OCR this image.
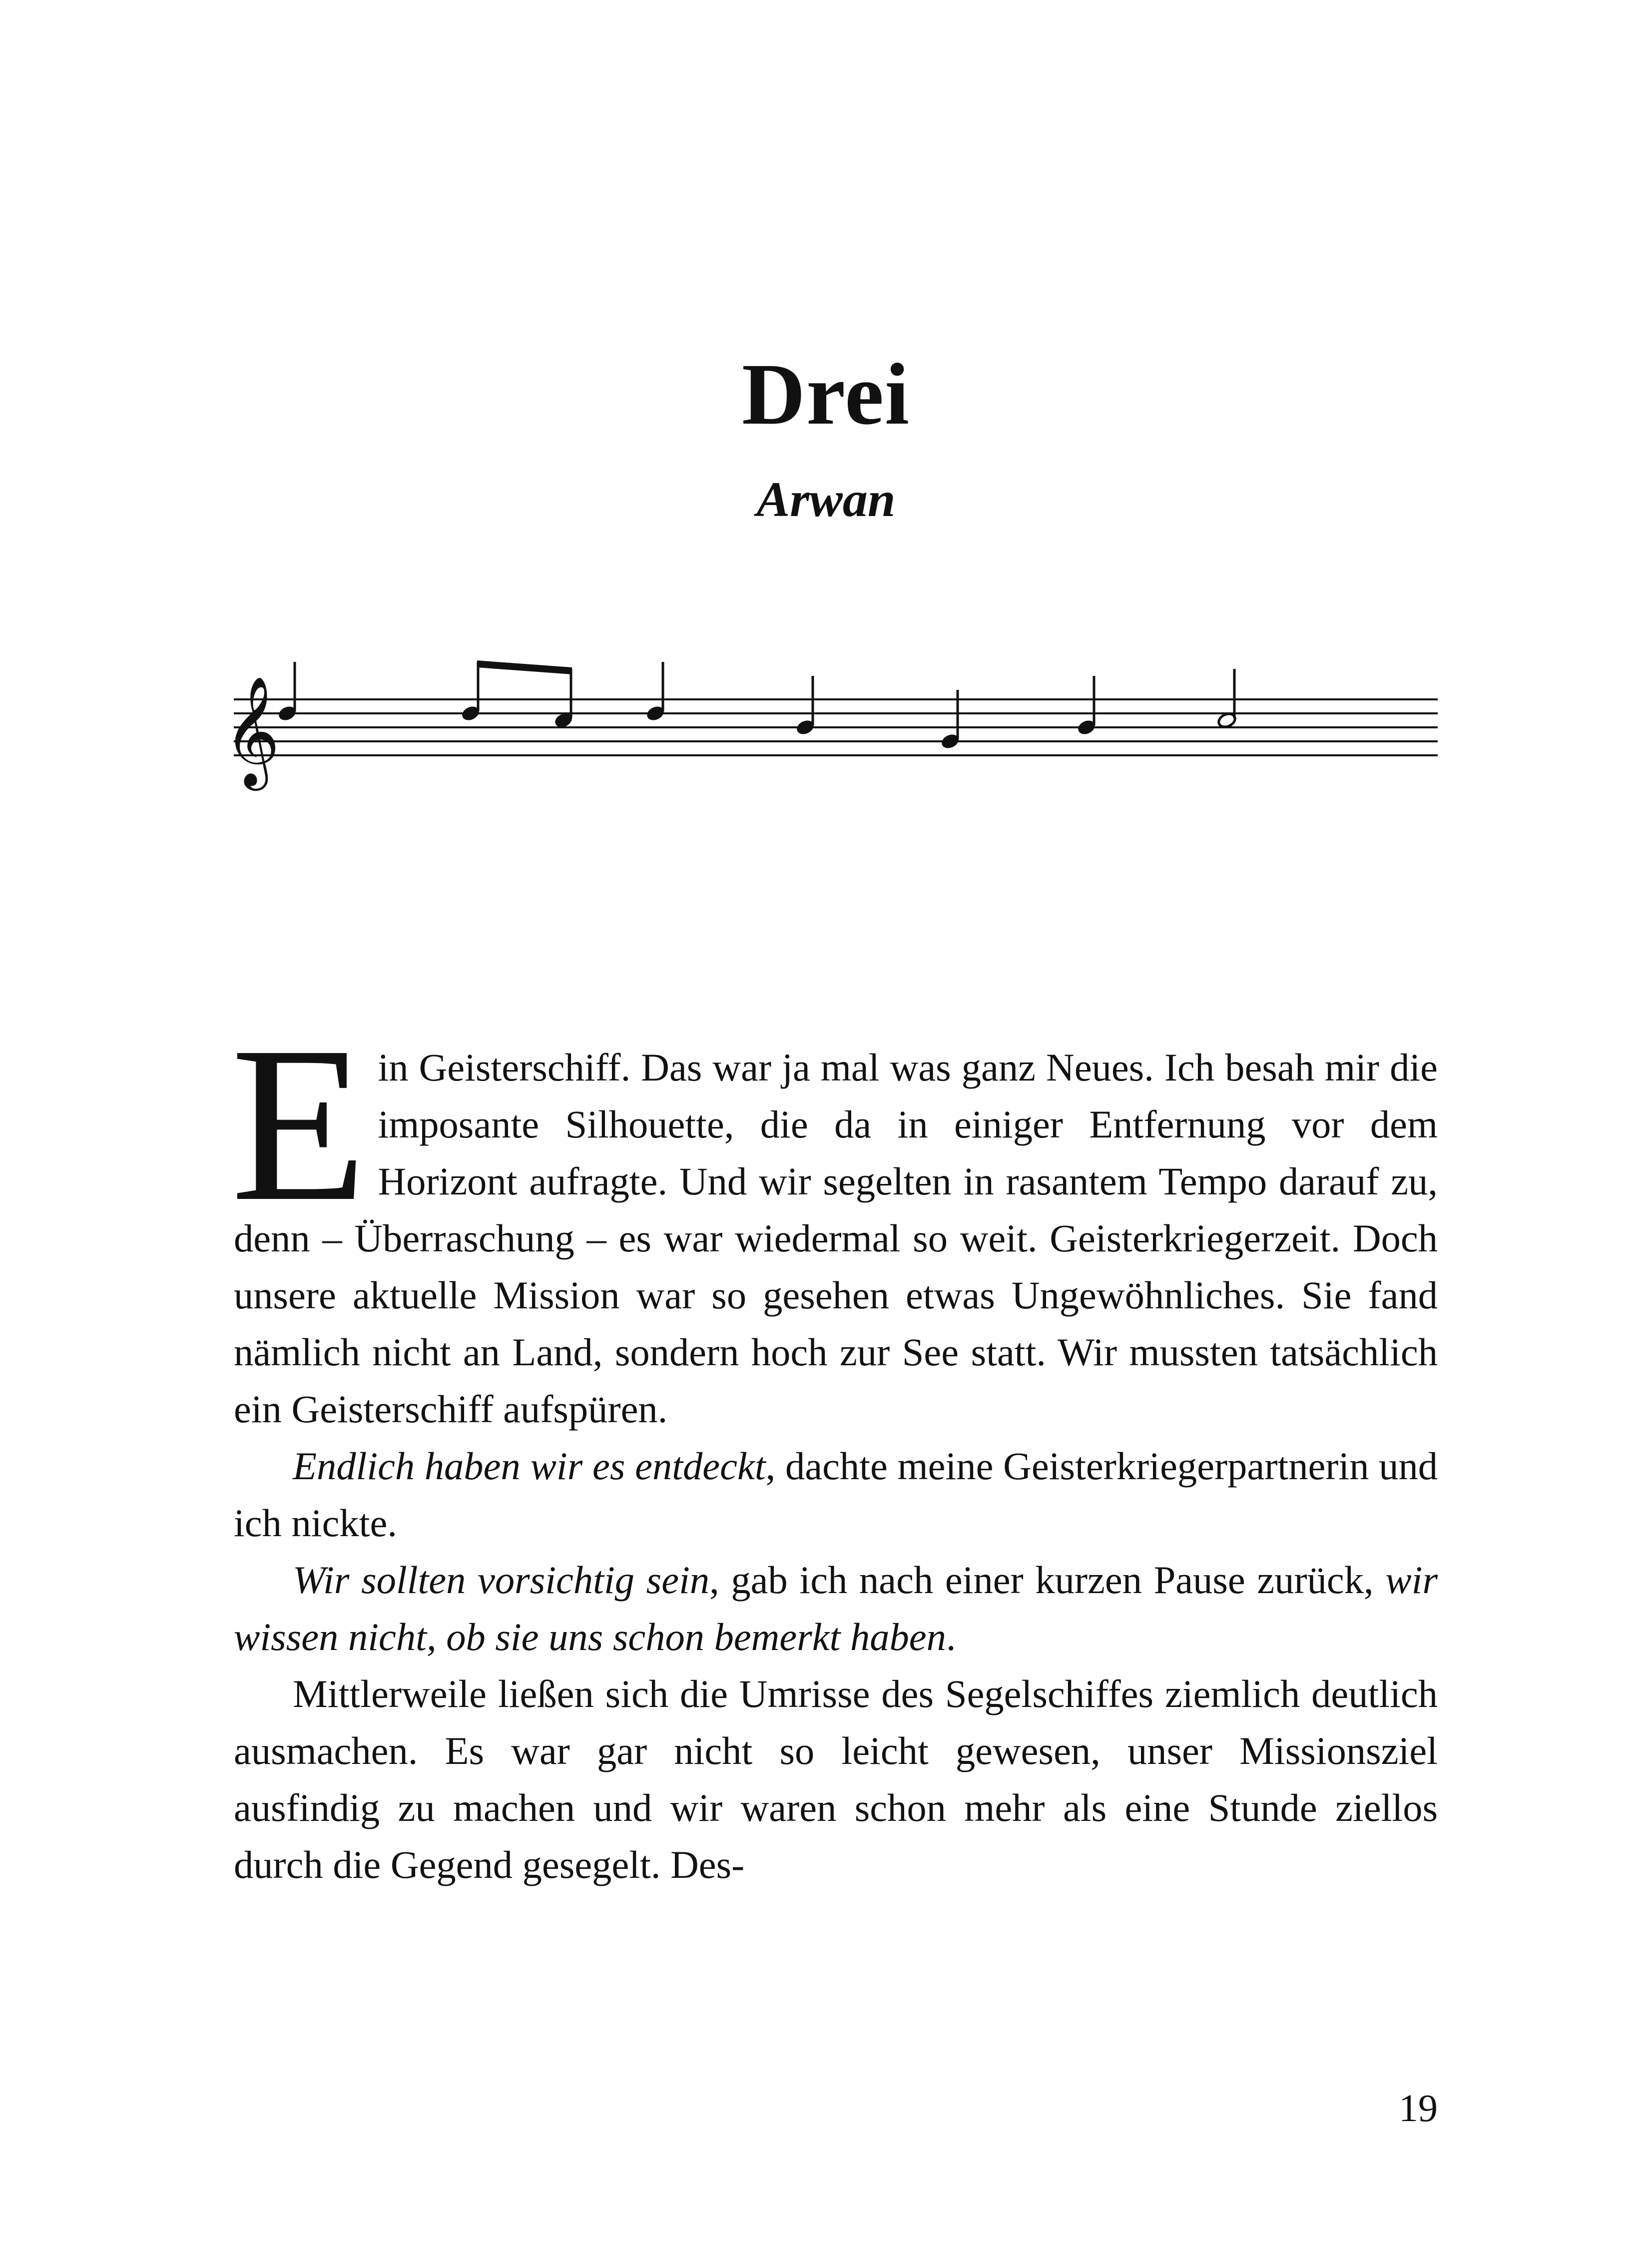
Drei
Arwan
𝄞

Ein Geisterschiff. Das war ja mal was ganz Neues. Ich besah mir die imposante Silhouette, die da in einiger Entfernung vor dem Horizont aufragte. Und wir segelten in rasantem Tempo darauf zu, denn – Überraschung – es war wiedermal so weit. Geisterkriegerzeit. Doch unsere aktuelle Mission war so gesehen etwas Ungewöhnliches. Sie fand nämlich nicht an Land, sondern hoch zur See statt. Wir mussten tatsächlich ein Geisterschiff aufspüren.

Endlich haben wir es entdeckt, dachte meine Geisterkriegerpartnerin und ich nickte.

Wir sollten vorsichtig sein, gab ich nach einer kurzen Pause zurück, wir wissen nicht, ob sie uns schon bemerkt haben.

Mittlerweile ließen sich die Umrisse des Segelschiffes ziemlich deutlich ausmachen. Es war gar nicht so leicht gewesen, unser Missionsziel ausfindig zu machen und wir waren schon mehr als eine Stunde ziellos durch die Gegend gesegelt. Des-

19
